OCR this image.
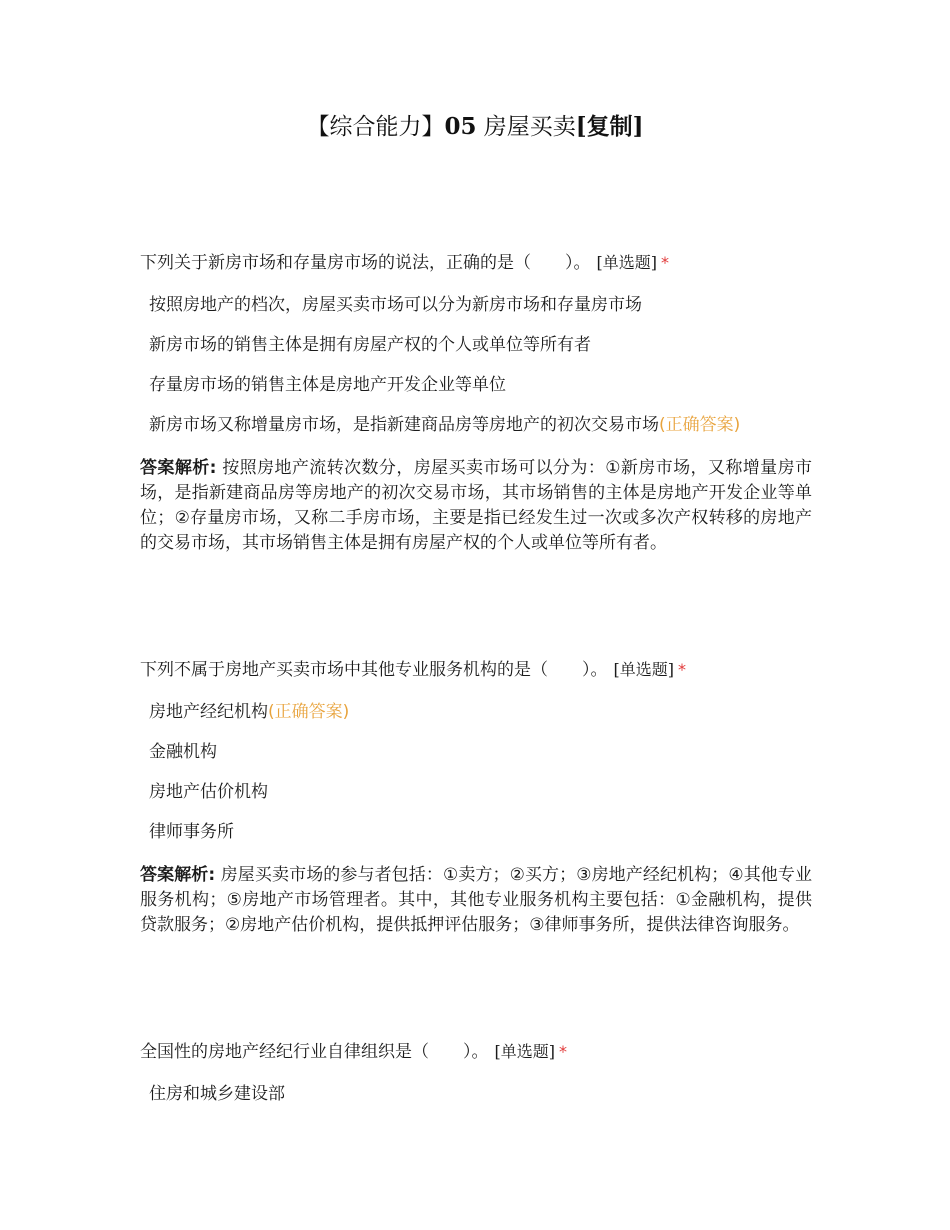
【综合能力】05 房屋买卖[复制]
下列关于新房市场和存量房市场的说法，正确的是（　　）。 [单选题] *
按照房地产的档次，房屋买卖市场可以分为新房市场和存量房市场
新房市场的销售主体是拥有房屋产权的个人或单位等所有者
存量房市场的销售主体是房地产开发企业等单位
新房市场又称增量房市场，是指新建商品房等房地产的初次交易市场(正确答案)
答案解析: 按照房地产流转次数分，房屋买卖市场可以分为：①新房市场，又称增量房市场，是指新建商品房等房地产的初次交易市场，其市场销售的主体是房地产开发企业等单位；②存量房市场，又称二手房市场，主要是指已经发生过一次或多次产权转移的房地产的交易市场，其市场销售主体是拥有房屋产权的个人或单位等所有者。
下列不属于房地产买卖市场中其他专业服务机构的是（　　）。 [单选题] *
房地产经纪机构(正确答案)
金融机构
房地产估价机构
律师事务所
答案解析: 房屋买卖市场的参与者包括：①卖方；②买方；③房地产经纪机构；④其他专业服务机构；⑤房地产市场管理者。其中，其他专业服务机构主要包括：①金融机构，提供贷款服务；②房地产估价机构，提供抵押评估服务；③律师事务所，提供法律咨询服务。
全国性的房地产经纪行业自律组织是（　　）。 [单选题] *
住房和城乡建设部
